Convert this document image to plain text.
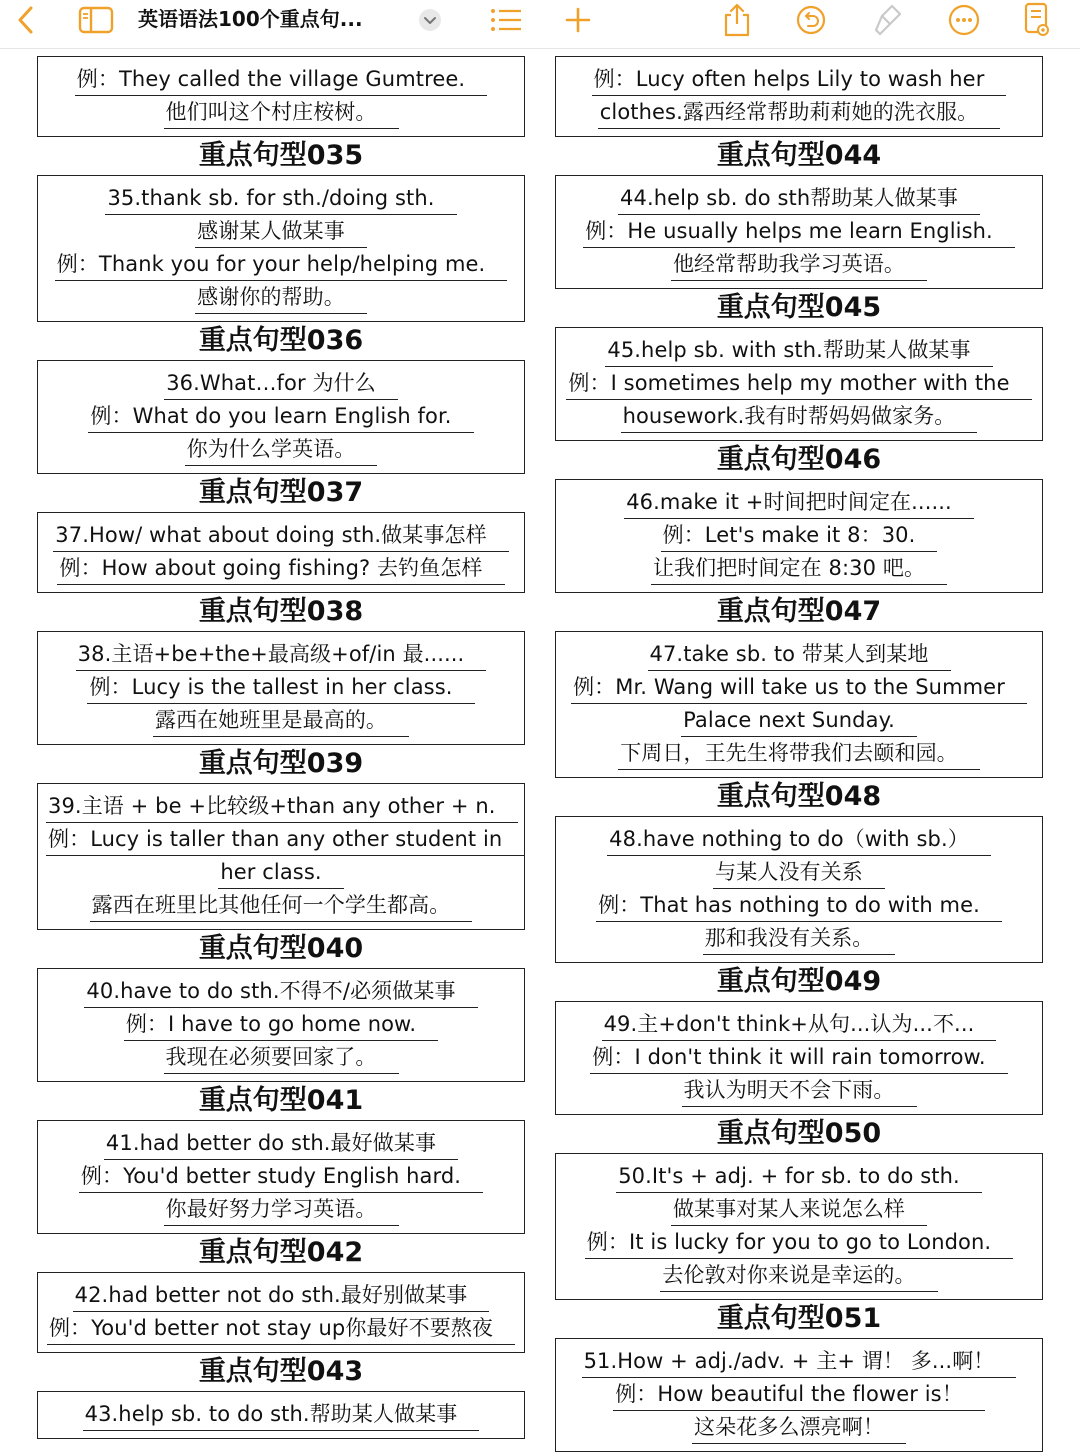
英语语法100个重点句...
例：They called the village Gumtree.
他们叫这个村庄桉树。
重点句型035
35.thank sb. for sth./doing sth.
感谢某人做某事
例：Thank you for your help/helping me.
感谢你的帮助。
重点句型036
36.What…for 为什么
例：What do you learn English for.
你为什么学英语。
重点句型037
37.How/ what about doing sth.做某事怎样
例：How about going fishing? 去钓鱼怎样
重点句型038
38.主语+be+the+最高级+of/in 最......
例：Lucy is the tallest in her class.
露西在她班里是最高的。
重点句型039
39.主语 + be +比较级+than any other + n.
例：Lucy is taller than any other student in
her class.
露西在班里比其他任何一个学生都高。
重点句型040
40.have to do sth.不得不/必须做某事
例：I have to go home now.
我现在必须要回家了。
重点句型041
41.had better do sth.最好做某事
例：You'd better study English hard.
你最好努力学习英语。
重点句型042
42.had better not do sth.最好别做某事
例：You'd better not stay up你最好不要熬夜
重点句型043
43.help sb. to do sth.帮助某人做某事
例：Lucy often helps Lily to wash her
clothes.露西经常帮助莉莉她的洗衣服。
重点句型044
44.help sb. do sth帮助某人做某事
例：He usually helps me learn English.
他经常帮助我学习英语。
重点句型045
45.help sb. with sth.帮助某人做某事
例：I sometimes help my mother with the
housework.我有时帮妈妈做家务。
重点句型046
46.make it +时间把时间定在......
例：Let's make it 8：30.
让我们把时间定在 8:30 吧。
重点句型047
47.take sb. to 带某人到某地
例：Mr. Wang will take us to the Summer
Palace next Sunday.
下周日，王先生将带我们去颐和园。
重点句型048
48.have nothing to do（with sb.）
与某人没有关系
例：That has nothing to do with me.
那和我没有关系。
重点句型049
49.主+don't think+从句...认为...不...
例：I don't think it will rain tomorrow.
我认为明天不会下雨。
重点句型050
50.It's + adj. + for sb. to do sth.
做某事对某人来说怎么样
例：It is lucky for you to go to London.
去伦敦对你来说是幸运的。
重点句型051
51.How + adj./adv. + 主+ 谓！ 多...啊！
例：How beautiful the flower is！
这朵花多么漂亮啊！
